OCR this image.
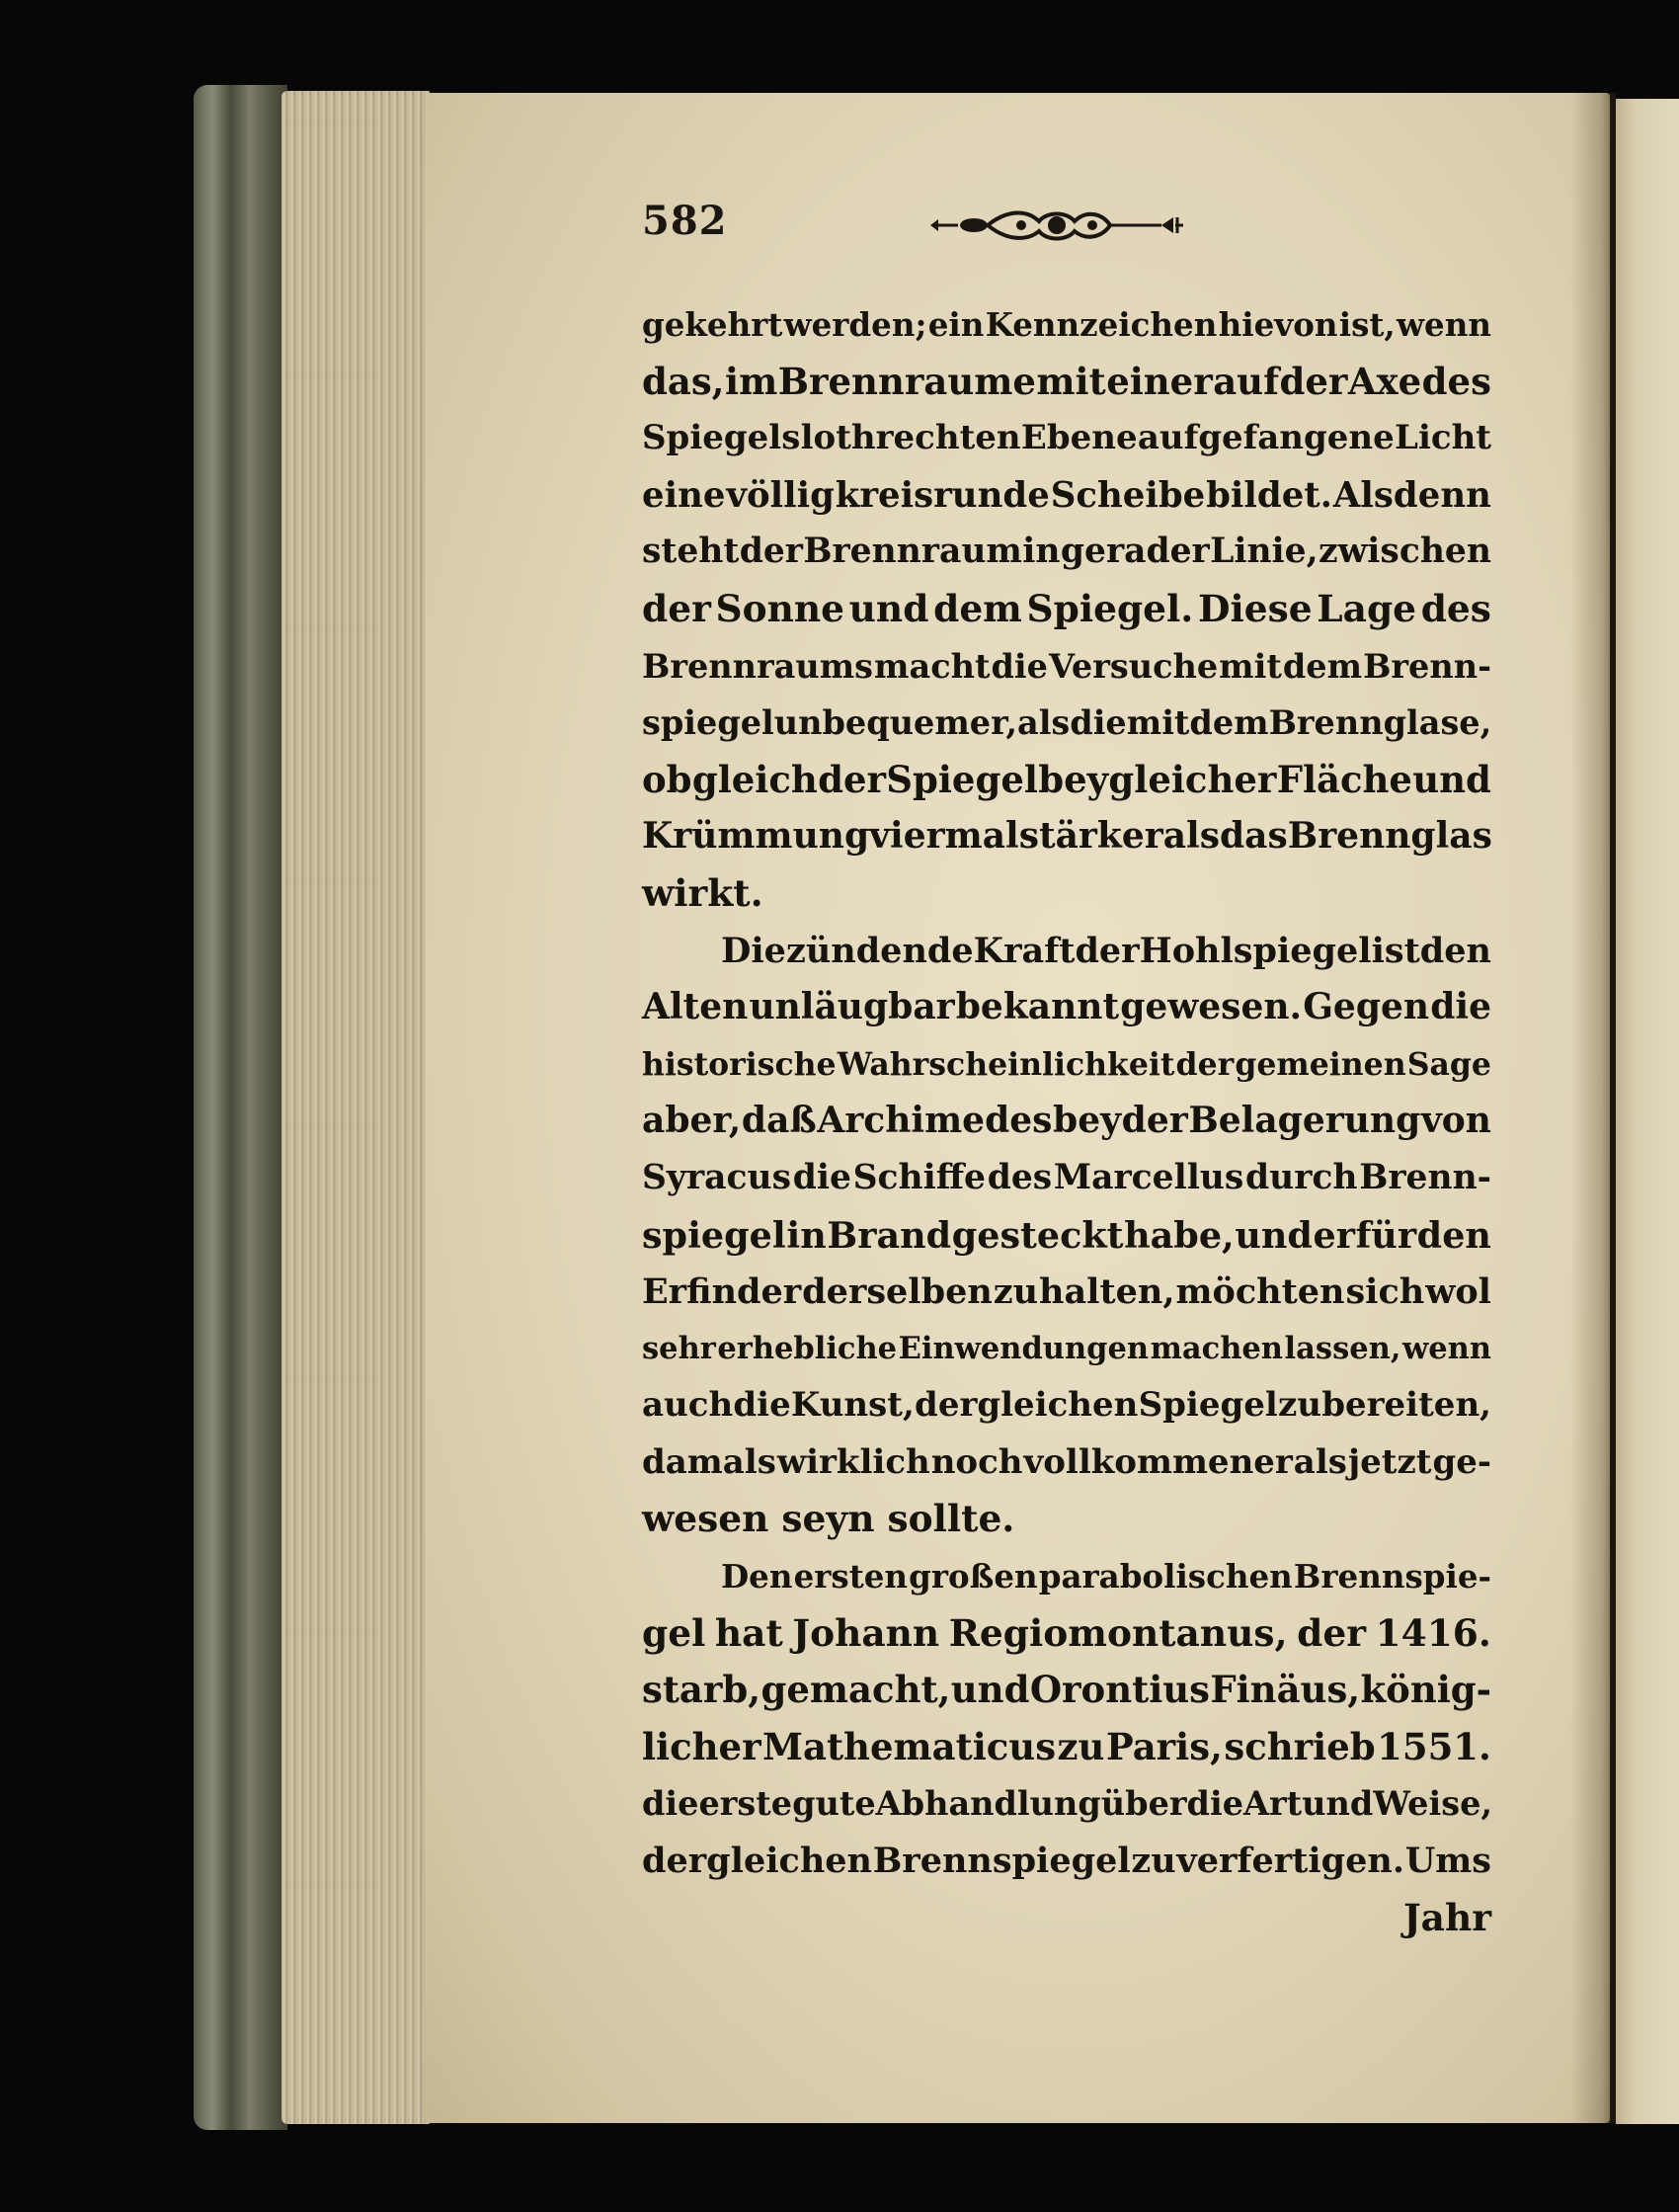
582
gekehrt werden; ein Kennzeichen hievon ist, wenn
das, im Brennraume mit einer auf der Axe des
Spiegels lothrechten Ebene aufgefangene Licht
eine völlig kreisrunde Scheibe bildet. Alsdenn
steht der Brennraum in gerader Linie, zwischen
der Sonne und dem Spiegel. Diese Lage des
Brennraums macht die Versuche mit dem Brenn-
spiegel unbequemer, als die mit dem Brennglase,
ob gleich der Spiegel bey gleicher Fläche und
Krümmung viermal stärker als das Brennglas
wirkt.
Die zündende Kraft der Hohlspiegel ist den
Alten unläugbar bekannt gewesen. Gegen die
historische Wahrscheinlichkeit der gemeinen Sage
aber, daß Archimedes bey der Belagerung von
Syracus die Schiffe des Marcellus durch Brenn-
spiegel in Brand gesteckt habe, und er für den
Erfinder derselben zu halten, möchten sich wol
sehr erhebliche Einwendungen machen lassen, wenn
auch die Kunst, dergleichen Spiegel zu bereiten,
damals wirklich noch vollkommener als jetzt ge-
wesen seyn sollte.
Den ersten großen parabolischen Brennspie-
gel hat Johann Regiomontanus, der 1416.
starb, gemacht, und Orontius Finäus, könig-
licher Mathematicus zu Paris, schrieb 1551.
die erste gute Abhandlung über die Art und Weise,
dergleichen Brennspiegel zu verfertigen. Ums
Jahr
